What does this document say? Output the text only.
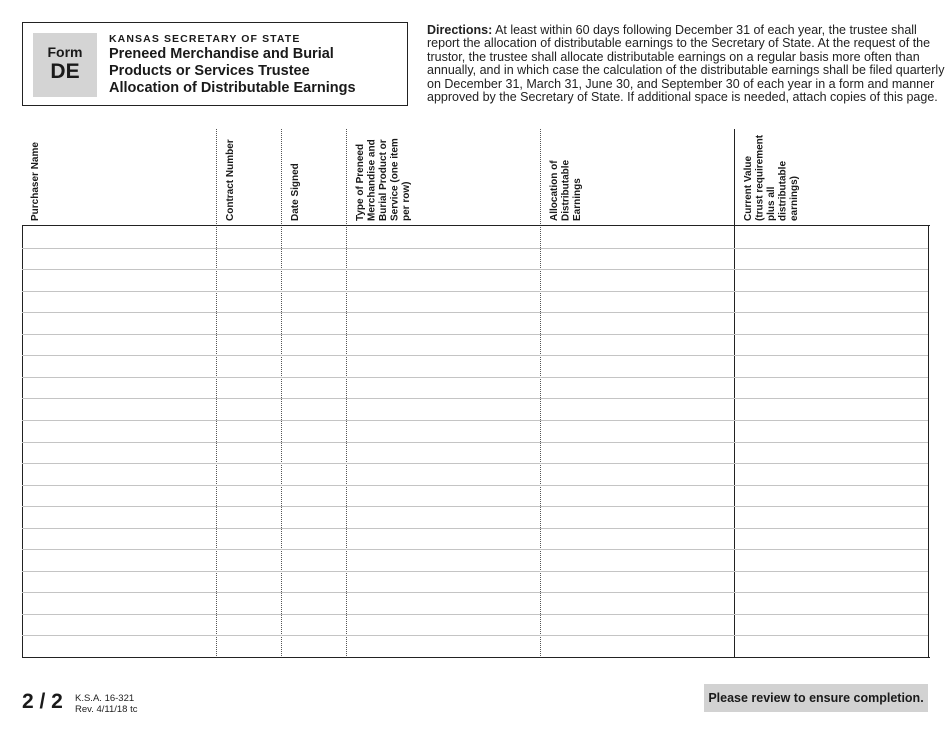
Form
DE
KANSAS SECRETARY OF STATE
Preneed Merchandise and Burial
Products or Services Trustee
Allocation of Distributable Earnings
Directions: At least within 60 days following December 31 of each year, the trustee shall
report the allocation of distributable earnings to the Secretary of State. At the request of the
trustor, the trustee shall allocate distributable earnings on a regular basis more often than
annually, and in which case the calculation of the distributable earnings shall be filed quarterly
on December 31, March 31, June 30, and September 30 of each year in a form and manner
approved by the Secretary of State. If additional space is needed, attach copies of this page.
Purchaser Name	Contract Number	Date Signed	Type of Preneed
Merchandise and
Burial Product or
Service (one item
per row)	Allocation of
Distributable
Earnings	Current Value
(trust requirement
plus all
distributable
earnings)
2 / 2 K.S.A. 16-321
Rev. 4/11/18 tc
Please review to ensure completion.
